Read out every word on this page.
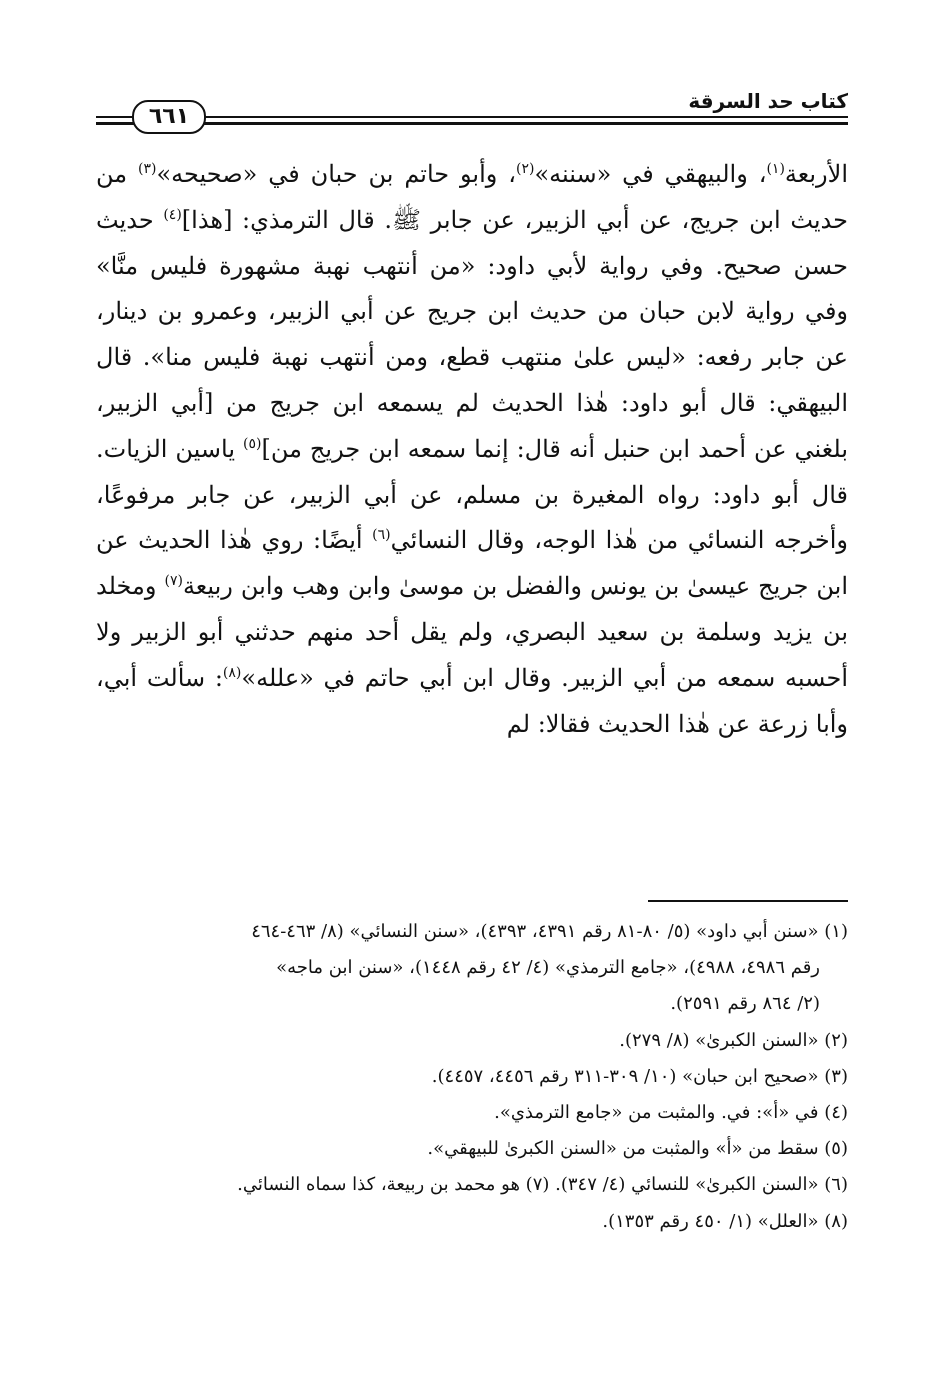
٦٦١
كتاب حد السرقة

الأربعة$^{(١)}$، والبيهقي في «سننه»$^{(٢)}$، وأبو حاتم بن حبان في «صحيحه»$^{(٣)}$ من حديث ابن جريج، عن أبي الزبير، عن جابر ﷺ. قال الترمذي: [هذا]$^{(٤)}$ حديث حسن صحيح. وفي رواية لأبي داود: «من أنتهب نهبة مشهورة فليس منَّا» وفي رواية لابن حبان من حديث ابن جريج عن أبي الزبير، وعمرو بن دينار، عن جابر رفعه: «ليس علىٰ منتهب قطع، ومن أنتهب نهبة فليس منا». قال البيهقي: قال أبو داود: هٰذا الحديث لم يسمعه ابن جريج من [أبي الزبير، بلغني عن أحمد ابن حنبل أنه قال: إنما سمعه ابن جريج من]$^{(٥)}$ ياسين الزيات. قال أبو داود: رواه المغيرة بن مسلم، عن أبي الزبير، عن جابر مرفوعًا، وأخرجه النسائي من هٰذا الوجه، وقال النسائي$^{(٦)}$ أيضًا: روي هٰذا الحديث عن ابن جريج عيسىٰ بن يونس والفضل بن موسىٰ وابن وهب وابن ربيعة$^{(٧)}$ ومخلد بن يزيد وسلمة بن سعيد البصري، ولم يقل أحد منهم حدثني أبو الزبير ولا أحسبه سمعه من أبي الزبير. وقال ابن أبي حاتم في «علله»$^{(٨)}$: سألت أبي، وأبا زرعة عن هٰذا الحديث فقالا: لم

(١) «سنن أبي داود» (٥/ ٨٠-٨١ رقم ٤٣٩١، ٤٣٩٣)، «سنن النسائي» (٨/ ٤٦٣-٤٦٤
رقم ٤٩٨٦، ٤٩٨٨)، «جامع الترمذي» (٤/ ٤٢ رقم ١٤٤٨)، «سنن ابن ماجه»
(٢/ ٨٦٤ رقم ٢٥٩١).
(٢) «السنن الكبرىٰ» (٨/ ٢٧٩).
(٣) «صحيح ابن حبان» (١٠/ ٣٠٩-٣١١ رقم ٤٤٥٦، ٤٤٥٧).
(٤) في «أ»: في. والمثبت من «جامع الترمذي».
(٥) سقط من «أ» والمثبت من «السنن الكبرىٰ للبيهقي».
(٦) «السنن الكبرىٰ» للنسائي (٤/ ٣٤٧). (٧) هو محمد بن ربيعة، كذا سماه النسائي.
(٨) «العلل» (١/ ٤٥٠ رقم ١٣٥٣).
